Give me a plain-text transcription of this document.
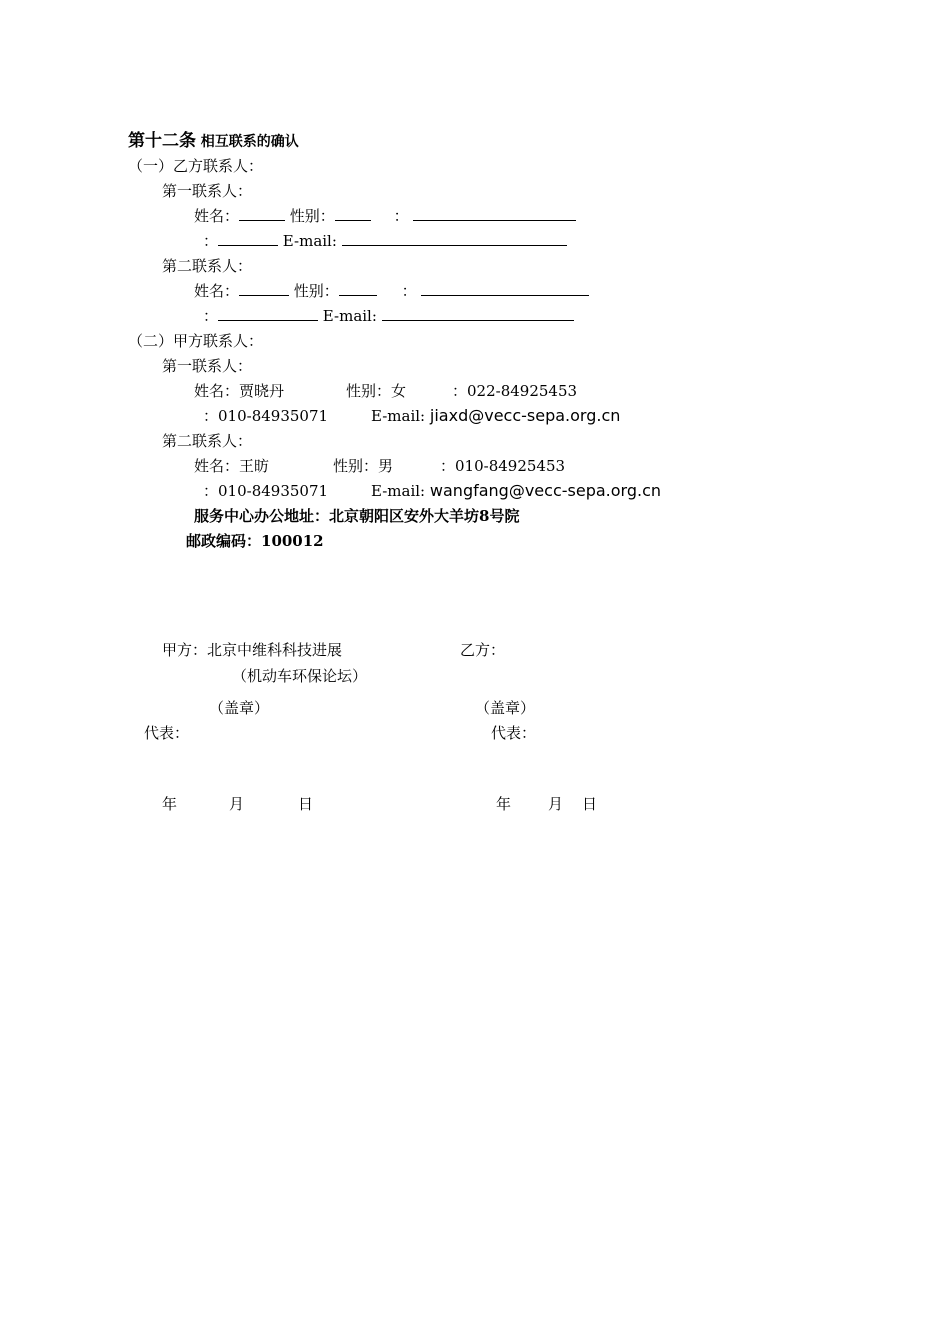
第十二条 相互联系的确认
（一）乙方联系人：
第一联系人：
姓名：	性别：	：
：	E-mail:
第二联系人：
姓名：	性别：	：
：	E-mail:
（二）甲方联系人：
第一联系人：
姓名：贾晓丹	性别：女	：022-84925453
：010-84935071	E-mail: jiaxd@vecc-sepa.org.cn
第二联系人：
姓名：王昉	性别：男	：010-84925453
：010-84935071	E-mail: wangfang@vecc-sepa.org.cn
服务中心办公地址：北京朝阳区安外大羊坊8号院
邮政编码：100012
甲方：北京中维科科技进展	乙方：
（机动车环保论坛）
（盖章）	（盖章）
代表：	代表：
年	月	日	年 月 日
